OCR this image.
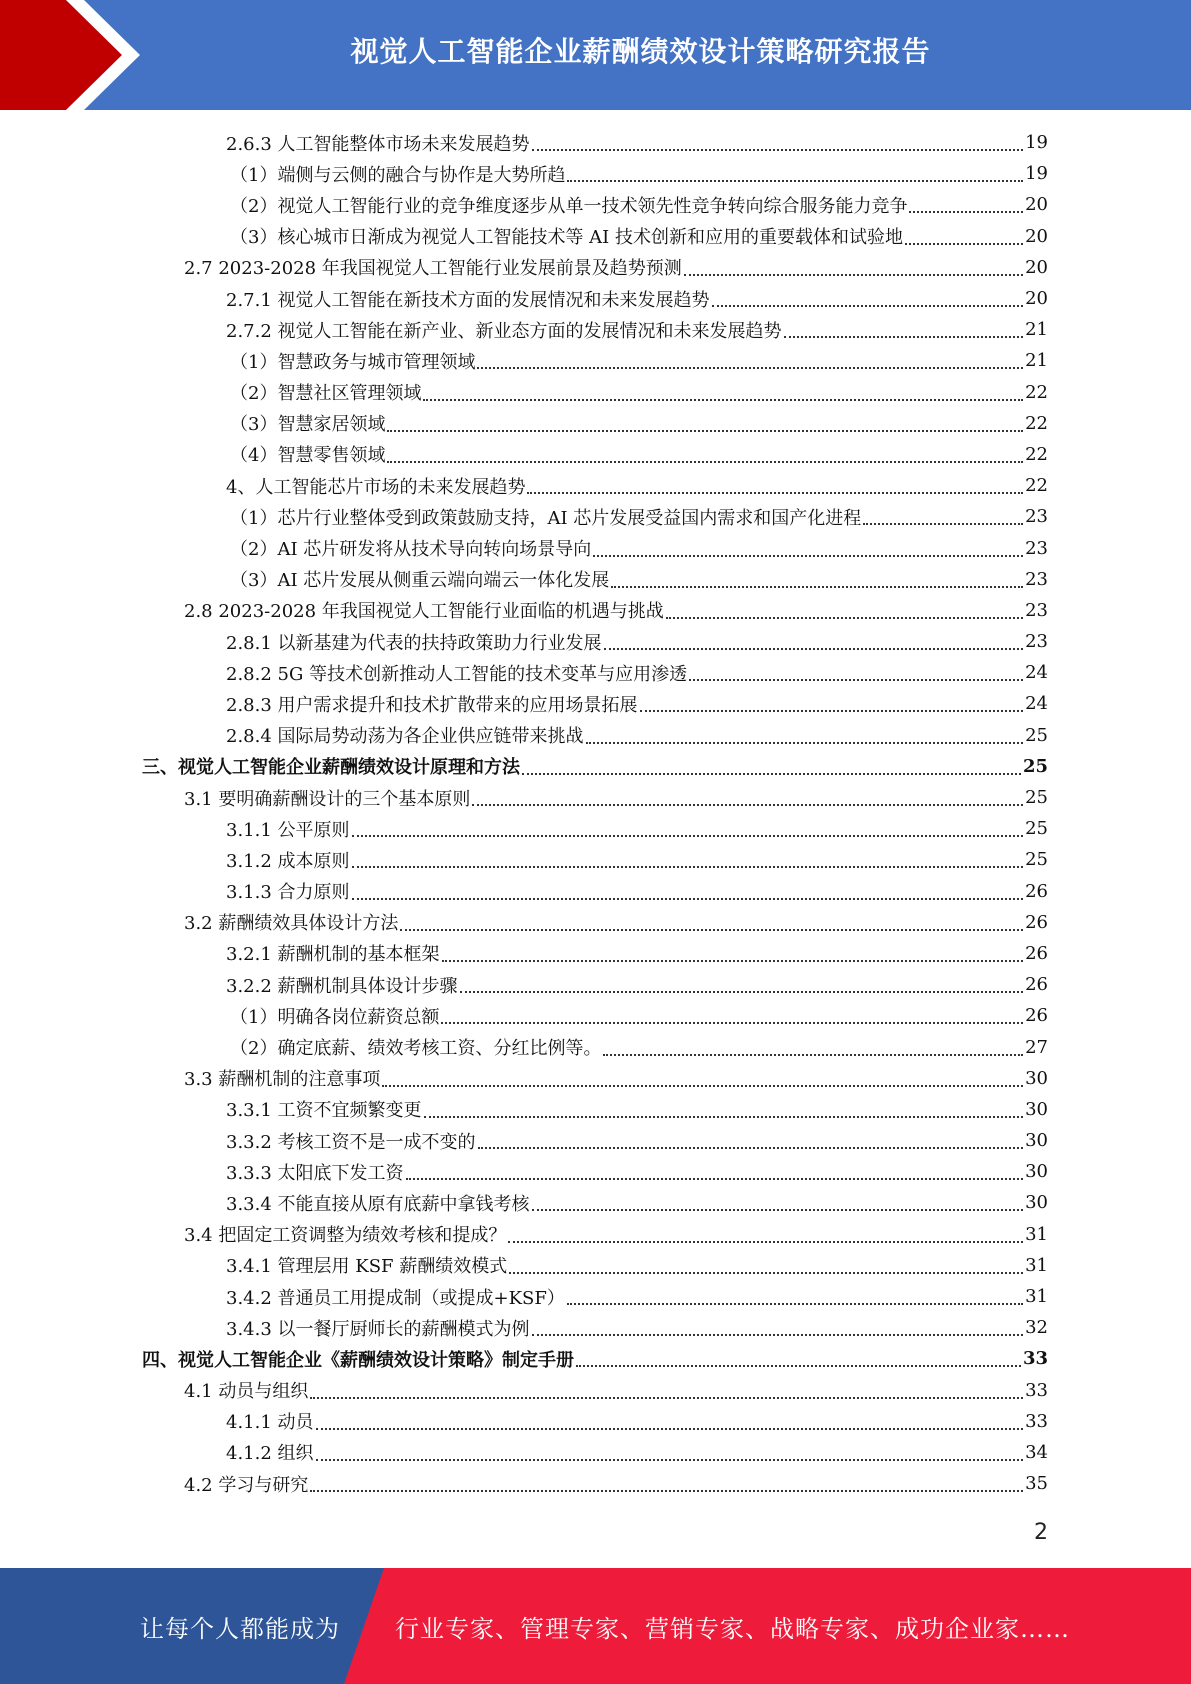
视觉人工智能企业薪酬绩效设计策略研究报告
2.6.3 人工智能整体市场未来发展趋势	19
（1）端侧与云侧的融合与协作是大势所趋	19
（2）视觉人工智能行业的竞争维度逐步从单一技术领先性竞争转向综合服务能力竞争	20
（3）核心城市日渐成为视觉人工智能技术等 AI 技术创新和应用的重要载体和试验地	20
2.7 2023-2028 年我国视觉人工智能行业发展前景及趋势预测	20
2.7.1 视觉人工智能在新技术方面的发展情况和未来发展趋势	20
2.7.2 视觉人工智能在新产业、新业态方面的发展情况和未来发展趋势	21
（1）智慧政务与城市管理领域	21
（2）智慧社区管理领域	22
（3）智慧家居领域	22
（4）智慧零售领域	22
4、人工智能芯片市场的未来发展趋势	22
（1）芯片行业整体受到政策鼓励支持，AI 芯片发展受益国内需求和国产化进程	23
（2）AI 芯片研发将从技术导向转向场景导向	23
（3）AI 芯片发展从侧重云端向端云一体化发展	23
2.8 2023-2028 年我国视觉人工智能行业面临的机遇与挑战	23
2.8.1 以新基建为代表的扶持政策助力行业发展	23
2.8.2 5G 等技术创新推动人工智能的技术变革与应用渗透	24
2.8.3 用户需求提升和技术扩散带来的应用场景拓展	24
2.8.4 国际局势动荡为各企业供应链带来挑战	25
三、视觉人工智能企业薪酬绩效设计原理和方法	25
3.1 要明确薪酬设计的三个基本原则	25
3.1.1 公平原则	25
3.1.2 成本原则	25
3.1.3 合力原则	26
3.2 薪酬绩效具体设计方法	26
3.2.1 薪酬机制的基本框架	26
3.2.2 薪酬机制具体设计步骤	26
（1）明确各岗位薪资总额	26
（2）确定底薪、绩效考核工资、分红比例等。	27
3.3 薪酬机制的注意事项	30
3.3.1 工资不宜频繁变更	30
3.3.2 考核工资不是一成不变的	30
3.3.3 太阳底下发工资	30
3.3.4 不能直接从原有底薪中拿钱考核	30
3.4 把固定工资调整为绩效考核和提成？	31
3.4.1 管理层用 KSF 薪酬绩效模式	31
3.4.2 普通员工用提成制（或提成+KSF）	31
3.4.3 以一餐厅厨师长的薪酬模式为例	32
四、视觉人工智能企业《薪酬绩效设计策略》制定手册	33
4.1 动员与组织	33
4.1.1 动员	33
4.1.2 组织	34
4.2 学习与研究	35
2
让每个人都能成为 行业专家、管理专家、营销专家、战略专家、成功企业家……
